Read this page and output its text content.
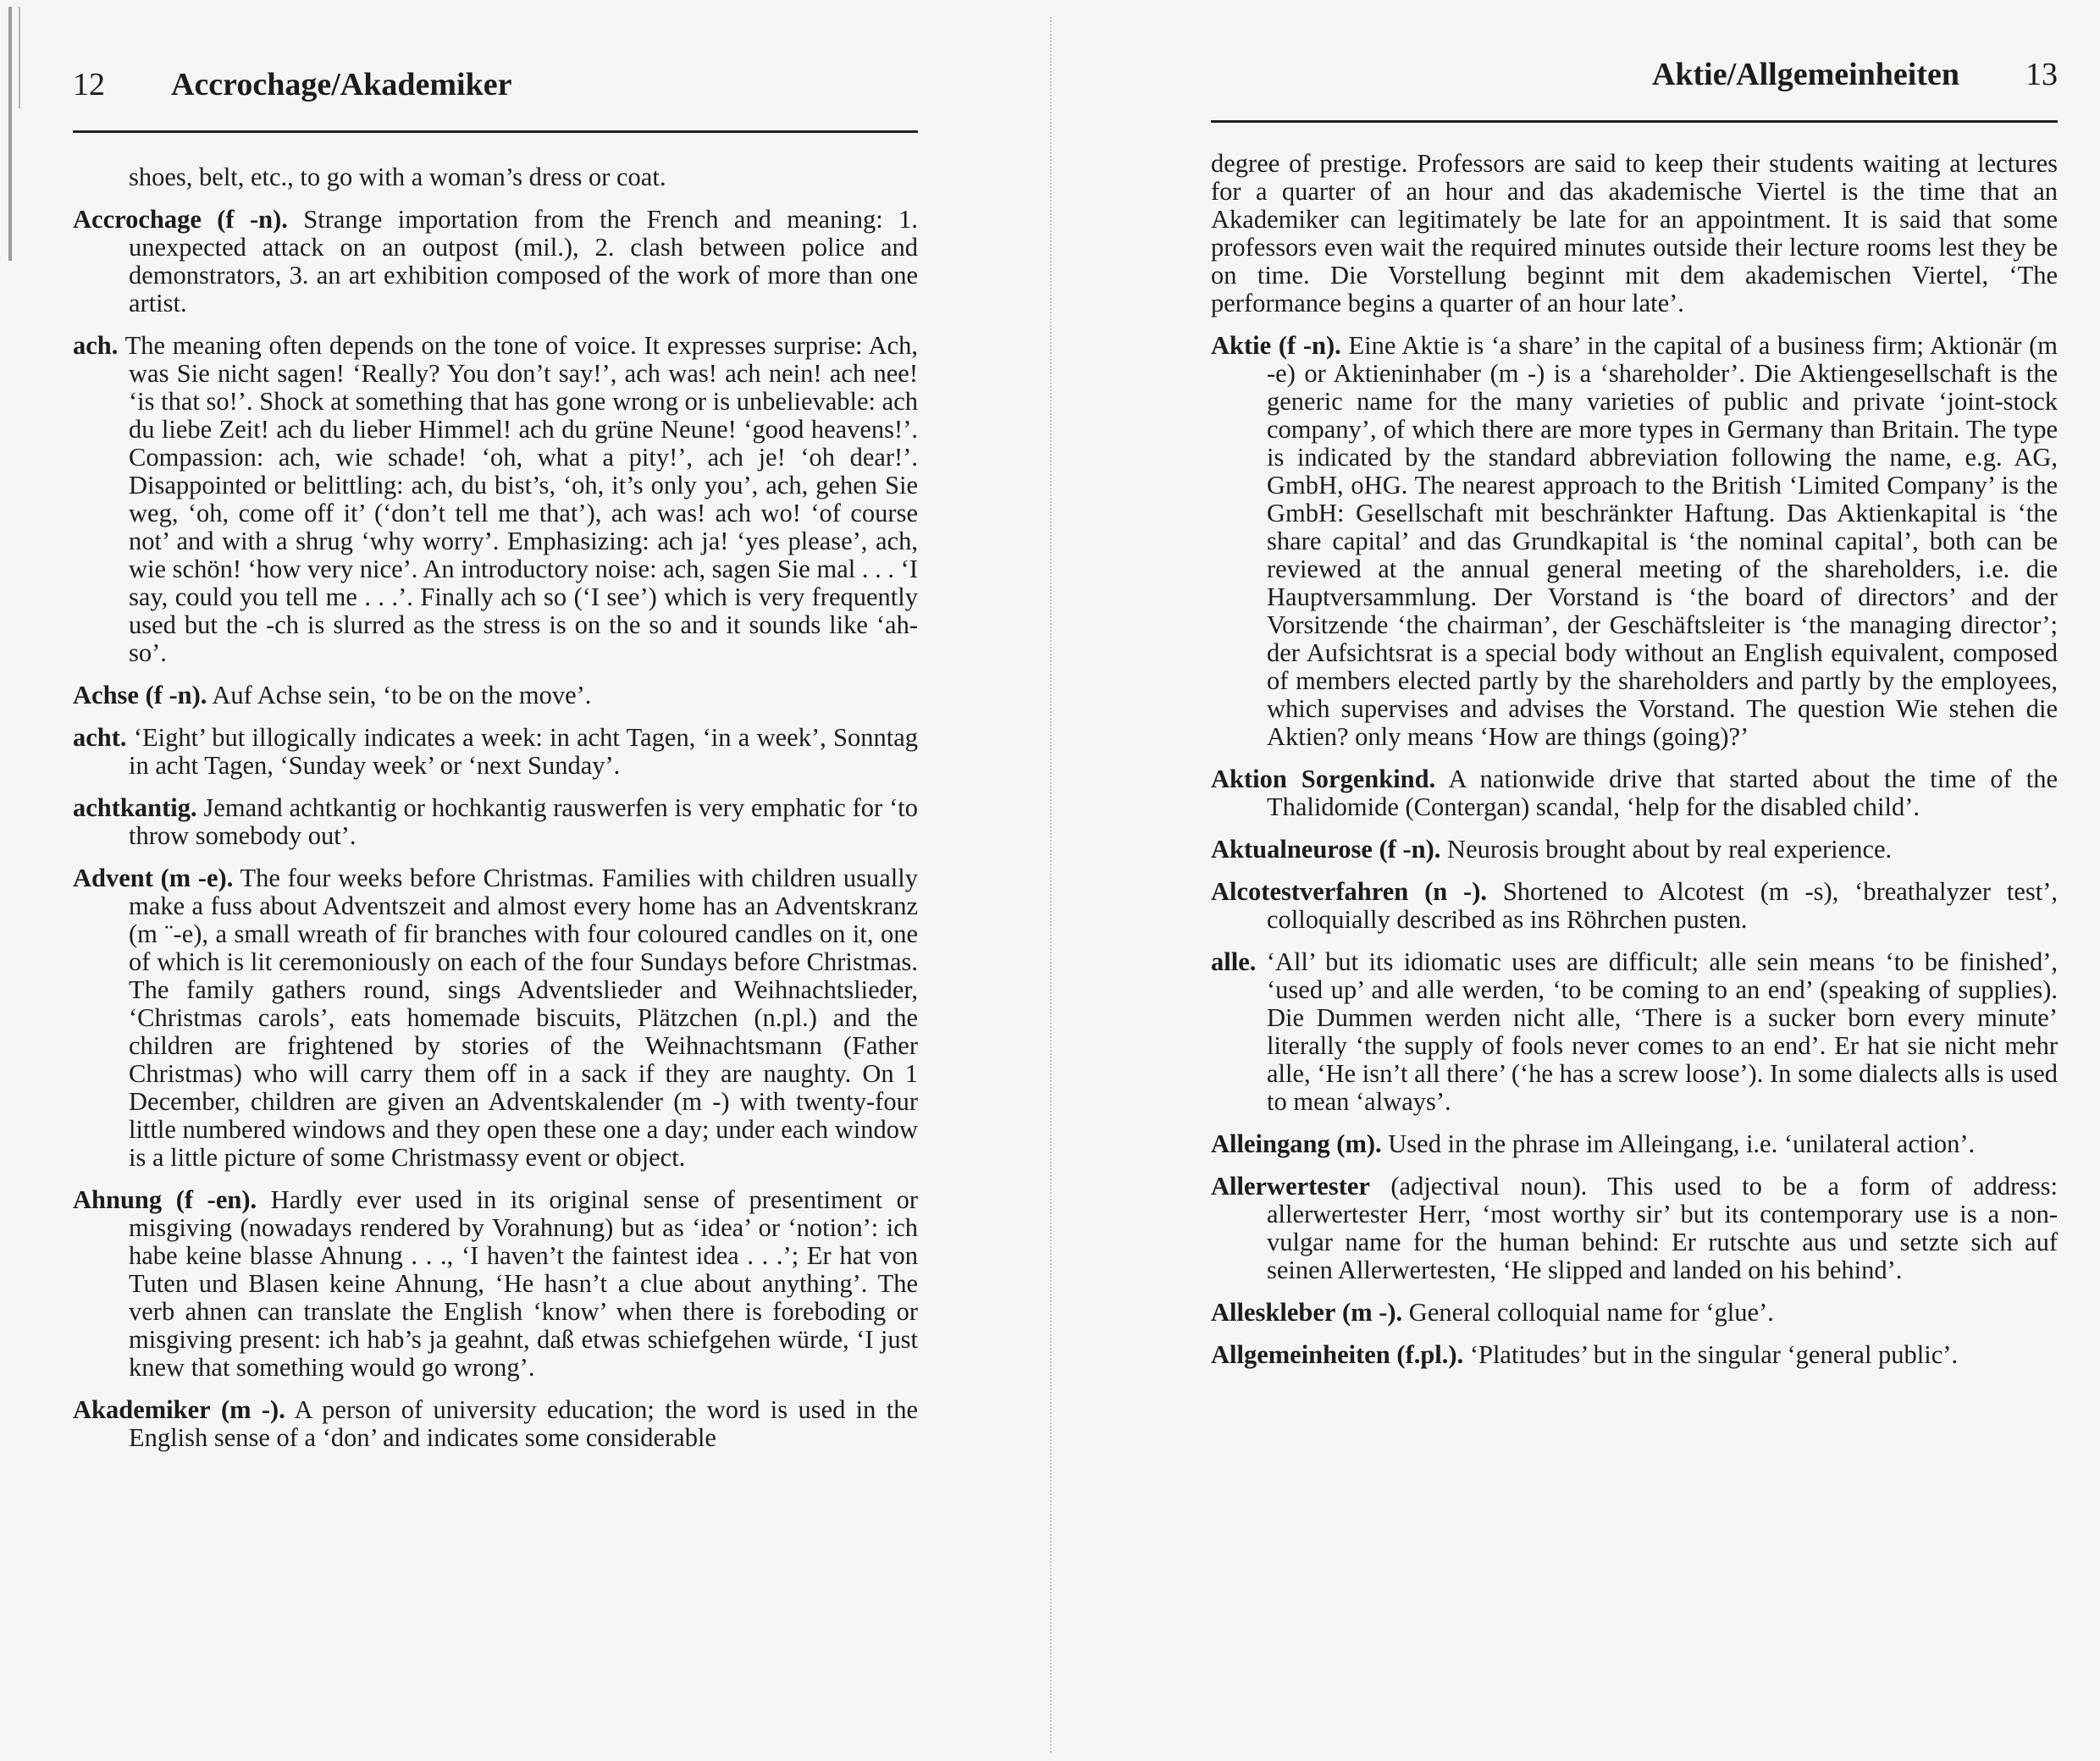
12 Accrochage/Akademiker

shoes, belt, etc., to go with a woman’s dress or coat.

Accrochage (f -n). Strange importation from the French and meaning: 1. unexpected attack on an outpost (mil.), 2. clash between police and demonstrators, 3. an art exhibition composed of the work of more than one artist.

ach. The meaning often depends on the tone of voice. It expresses surprise: Ach, was Sie nicht sagen! ‘Really? You don’t say!’, ach was! ach nein! ach nee! ‘is that so!’. Shock at something that has gone wrong or is unbelievable: ach du liebe Zeit! ach du lieber Himmel! ach du grüne Neune! ‘good heavens!’. Compassion: ach, wie schade! ‘oh, what a pity!’, ach je! ‘oh dear!’. Disappointed or belittling: ach, du bist’s, ‘oh, it’s only you’, ach, gehen Sie weg, ‘oh, come off it’ (‘don’t tell me that’), ach was! ach wo! ‘of course not’ and with a shrug ‘why worry’. Emphasizing: ach ja! ‘yes please’, ach, wie schön! ‘how very nice’. An introductory noise: ach, sagen Sie mal . . . ‘I say, could you tell me . . .’. Finally ach so (‘I see’) which is very frequently used but the -ch is slurred as the stress is on the so and it sounds like ‘ah-so’.

Achse (f -n). Auf Achse sein, ‘to be on the move’.

acht. ‘Eight’ but illogically indicates a week: in acht Tagen, ‘in a week’, Sonntag in acht Tagen, ‘Sunday week’ or ‘next Sunday’.

achtkantig. Jemand achtkantig or hochkantig rauswerfen is very emphatic for ‘to throw somebody out’.

Advent (m -e). The four weeks before Christmas. Families with children usually make a fuss about Adventszeit and almost every home has an Adventskranz (m ¨-e), a small wreath of fir branches with four coloured candles on it, one of which is lit ceremoniously on each of the four Sundays before Christmas. The family gathers round, sings Adventslieder and Weihnachtslieder, ‘Christmas carols’, eats homemade biscuits, Plätzchen (n.pl.) and the children are frightened by stories of the Weihnachtsmann (Father Christmas) who will carry them off in a sack if they are naughty. On 1 December, children are given an Adventskalender (m -) with twenty-four little numbered windows and they open these one a day; under each window is a little picture of some Christmassy event or object.

Ahnung (f -en). Hardly ever used in its original sense of presentiment or misgiving (nowadays rendered by Vorahnung) but as ‘idea’ or ‘notion’: ich habe keine blasse Ahnung . . ., ‘I haven’t the faintest idea . . .’; Er hat von Tuten und Blasen keine Ahnung, ‘He hasn’t a clue about anything’. The verb ahnen can translate the English ‘know’ when there is foreboding or misgiving present: ich hab’s ja geahnt, daß etwas schiefgehen würde, ‘I just knew that something would go wrong’.

Akademiker (m -). A person of university education; the word is used in the English sense of a ‘don’ and indicates some considerable

Aktie/Allgemeinheiten 13

degree of prestige. Professors are said to keep their students waiting at lectures for a quarter of an hour and das akademische Viertel is the time that an Akademiker can legitimately be late for an appointment. It is said that some professors even wait the required minutes outside their lecture rooms lest they be on time. Die Vorstellung beginnt mit dem akademischen Viertel, ‘The performance begins a quarter of an hour late’.

Aktie (f -n). Eine Aktie is ‘a share’ in the capital of a business firm; Aktionär (m -e) or Aktieninhaber (m -) is a ‘shareholder’. Die Aktiengesellschaft is the generic name for the many varieties of public and private ‘joint-stock company’, of which there are more types in Germany than Britain. The type is indicated by the standard abbreviation following the name, e.g. AG, GmbH, oHG. The nearest approach to the British ‘Limited Company’ is the GmbH: Gesellschaft mit beschränkter Haftung. Das Aktienkapital is ‘the share capital’ and das Grundkapital is ‘the nominal capital’, both can be reviewed at the annual general meeting of the shareholders, i.e. die Hauptversammlung. Der Vorstand is ‘the board of directors’ and der Vorsitzende ‘the chairman’, der Geschäftsleiter is ‘the managing director’; der Aufsichtsrat is a special body without an English equivalent, composed of members elected partly by the shareholders and partly by the employees, which supervises and advises the Vorstand. The question Wie stehen die Aktien? only means ‘How are things (going)?’

Aktion Sorgenkind. A nationwide drive that started about the time of the Thalidomide (Contergan) scandal, ‘help for the disabled child’.

Aktualneurose (f -n). Neurosis brought about by real experience.

Alcotestverfahren (n -). Shortened to Alcotest (m -s), ‘breathalyzer test’, colloquially described as ins Röhrchen pusten.

alle. ‘All’ but its idiomatic uses are difficult; alle sein means ‘to be finished’, ‘used up’ and alle werden, ‘to be coming to an end’ (speaking of supplies). Die Dummen werden nicht alle, ‘There is a sucker born every minute’ literally ‘the supply of fools never comes to an end’. Er hat sie nicht mehr alle, ‘He isn’t all there’ (‘he has a screw loose’). In some dialects alls is used to mean ‘always’.

Alleingang (m). Used in the phrase im Alleingang, i.e. ‘unilateral action’.

Allerwertester (adjectival noun). This used to be a form of address: allerwertester Herr, ‘most worthy sir’ but its contemporary use is a non-vulgar name for the human behind: Er rutschte aus und setzte sich auf seinen Allerwertesten, ‘He slipped and landed on his behind’.

Alleskleber (m -). General colloquial name for ‘glue’.

Allgemeinheiten (f.pl.). ‘Platitudes’ but in the singular ‘general public’.
